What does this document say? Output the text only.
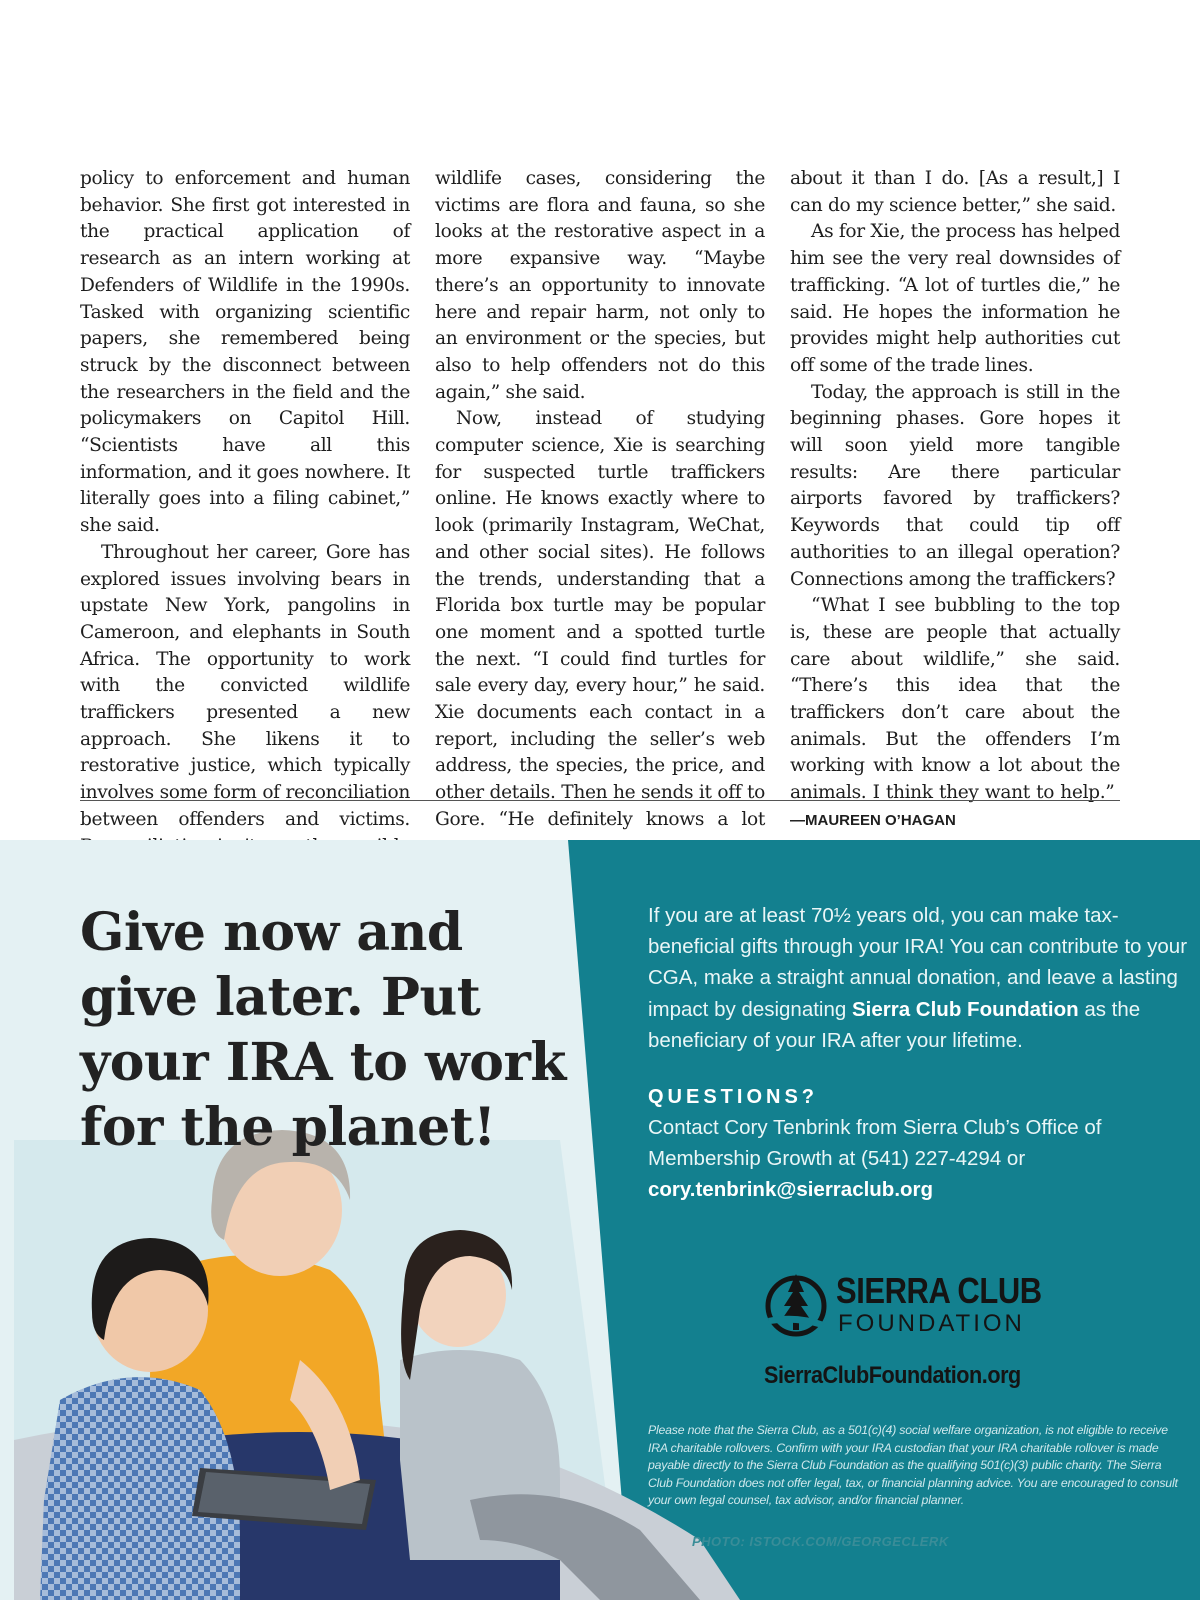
policy to enforcement and human behavior. She first got interested in the practical application of research as an intern working at Defenders of Wildlife in the 1990s. Tasked with organizing scientific papers, she remembered being struck by the disconnect between the researchers in the field and the policymakers on Capitol Hill. “Scientists have all this information, and it goes nowhere. It literally goes into a filing cabinet,” she said.

Throughout her career, Gore has explored issues involving bears in upstate New York, pangolins in Cameroon, and elephants in South Africa. The opportunity to work with the convicted wildlife traffickers presented a new approach. She likens it to restorative justice, which typically involves some form of reconciliation between offenders and victims.

wildlife cases, considering the victims are flora and fauna, so she looks at the restorative aspect in a more expansive way. “Maybe there’s an opportunity to innovate here and repair harm, not only to an environment or the species, but also to help offenders not do this again,” she said.

Now, instead of studying computer science, Xie is searching for suspected turtle traffickers online. He knows exactly where to look (primarily Instagram, WeChat, and other social sites). He follows the trends, understanding that a Florida box turtle may be popular one moment and a spotted turtle the next. “I could find turtles for sale every day, every hour,” he said. Xie documents each contact in a report, including the seller’s web address, the species, the price, and other details. Then he sends it off to Gore. “He definitely knows a lot

about it than I do. [As a result,] I can do my science better,” she said.

As for Xie, the process has helped him see the very real downsides of trafficking. “A lot of turtles die,” he said. He hopes the information he provides might help authorities cut off some of the trade lines.

Today, the approach is still in the beginning phases. Gore hopes it will soon yield more tangible results: Are there particular airports favored by traffickers? Keywords that could tip off authorities to an illegal operation? Connections among the traffickers?

“What I see bubbling to the top is, these are people that actually care about wildlife,” she said. “There’s this idea that the traffickers don’t care about the animals. But the offenders I’m working with know a lot about the animals. I think they want to help.”  —MAUREEN O’HAGAN

Give now and give later. Put your IRA to work for the planet!

If you are at least 70½ years old, you can make tax-beneficial gifts through your IRA! You can contribute to your CGA, make a straight annual donation, and leave a lasting impact by designating Sierra Club Foundation as the beneficiary of your IRA after your lifetime.

QUESTIONS?

Contact Cory Tenbrink from Sierra Club’s Office of Membership Growth at (541) 227-4294 or
cory.tenbrink@sierraclub.org

SIERRA CLUB
FOUNDATION
SierraClubFoundation.org

Please note that the Sierra Club, as a 501(c)(4) social welfare organization, is not eligible to receive IRA charitable rollovers. Confirm with your IRA custodian that your IRA charitable rollover is made payable directly to the Sierra Club Foundation as the qualifying 501(c)(3) public charity. The Sierra Club Foundation does not offer legal, tax, or financial planning advice. You are encouraged to consult your own legal counsel, tax advisor, and/or financial planner.

PHOTO: ISTOCK.COM/GEORGECLERK
